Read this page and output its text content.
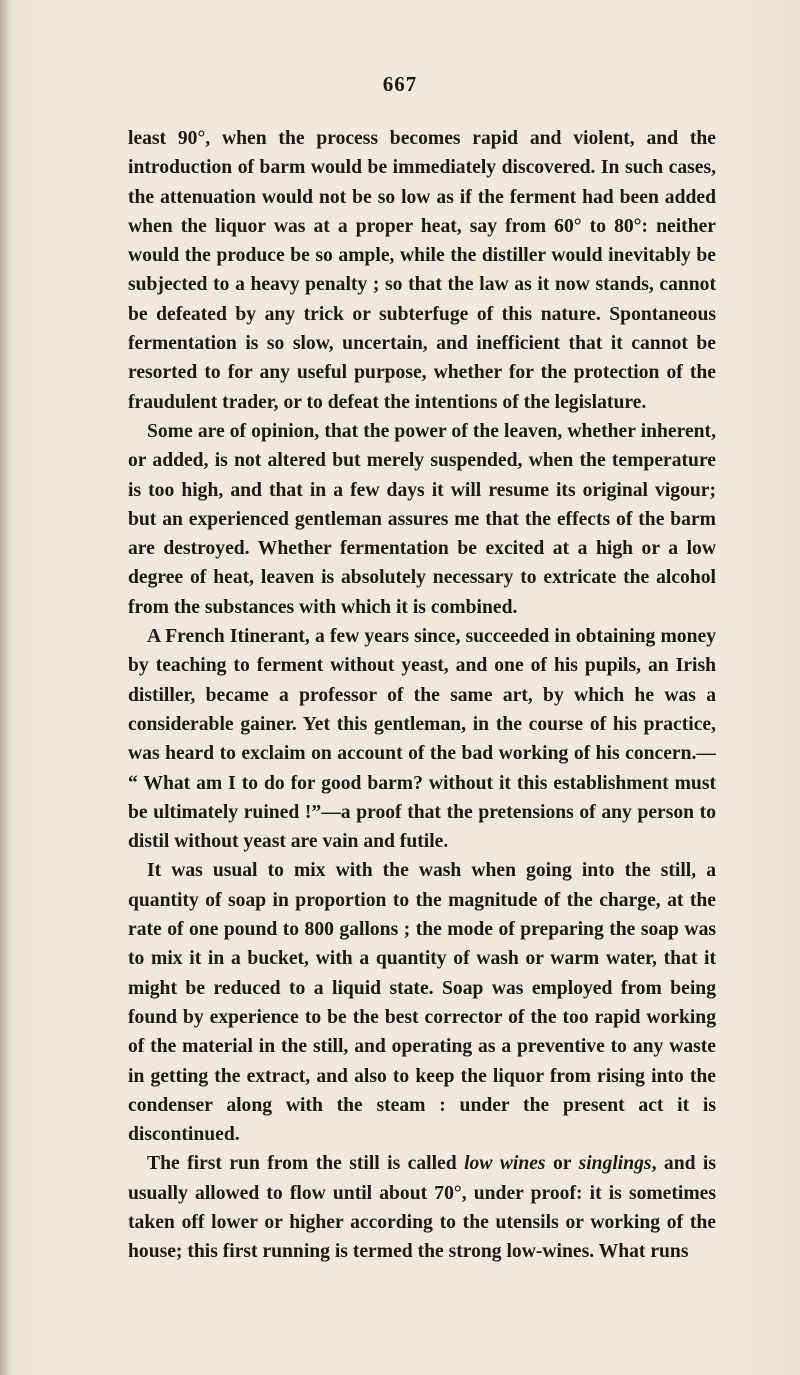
667

least 90°, when the process becomes rapid and violent, and the introduction of barm would be immediately discovered. In such cases, the attenuation would not be so low as if the ferment had been added when the liquor was at a proper heat, say from 60° to 80°: neither would the produce be so ample, while the distiller would inevitably be subjected to a heavy penalty ; so that the law as it now stands, cannot be defeated by any trick or subterfuge of this nature. Spontaneous fermentation is so slow, uncertain, and inefficient that it cannot be resorted to for any useful purpose, whether for the protection of the fraudulent trader, or to defeat the intentions of the legislature.

Some are of opinion, that the power of the leaven, whether inherent, or added, is not altered but merely suspended, when the temperature is too high, and that in a few days it will resume its original vigour; but an experienced gentleman assures me that the effects of the barm are destroyed. Whether fermentation be excited at a high or a low degree of heat, leaven is absolutely necessary to extricate the alcohol from the substances with which it is combined.

A French Itinerant, a few years since, succeeded in obtaining money by teaching to ferment without yeast, and one of his pupils, an Irish distiller, became a professor of the same art, by which he was a considerable gainer. Yet this gentleman, in the course of his practice, was heard to exclaim on account of the bad working of his concern.— “ What am I to do for good barm? without it this establishment must be ultimately ruined !”—a proof that the pretensions of any person to distil without yeast are vain and futile.

It was usual to mix with the wash when going into the still, a quantity of soap in proportion to the magnitude of the charge, at the rate of one pound to 800 gallons ; the mode of preparing the soap was to mix it in a bucket, with a quantity of wash or warm water, that it might be reduced to a liquid state. Soap was employed from being found by experience to be the best corrector of the too rapid working of the material in the still, and operating as a preventive to any waste in getting the extract, and also to keep the liquor from rising into the condenser along with the steam : under the present act it is discontinued.

The first run from the still is called low wines or singlings, and is usually allowed to flow until about 70°, under proof: it is sometimes taken off lower or higher according to the utensils or working of the house; this first running is termed the strong low-wines. What runs
